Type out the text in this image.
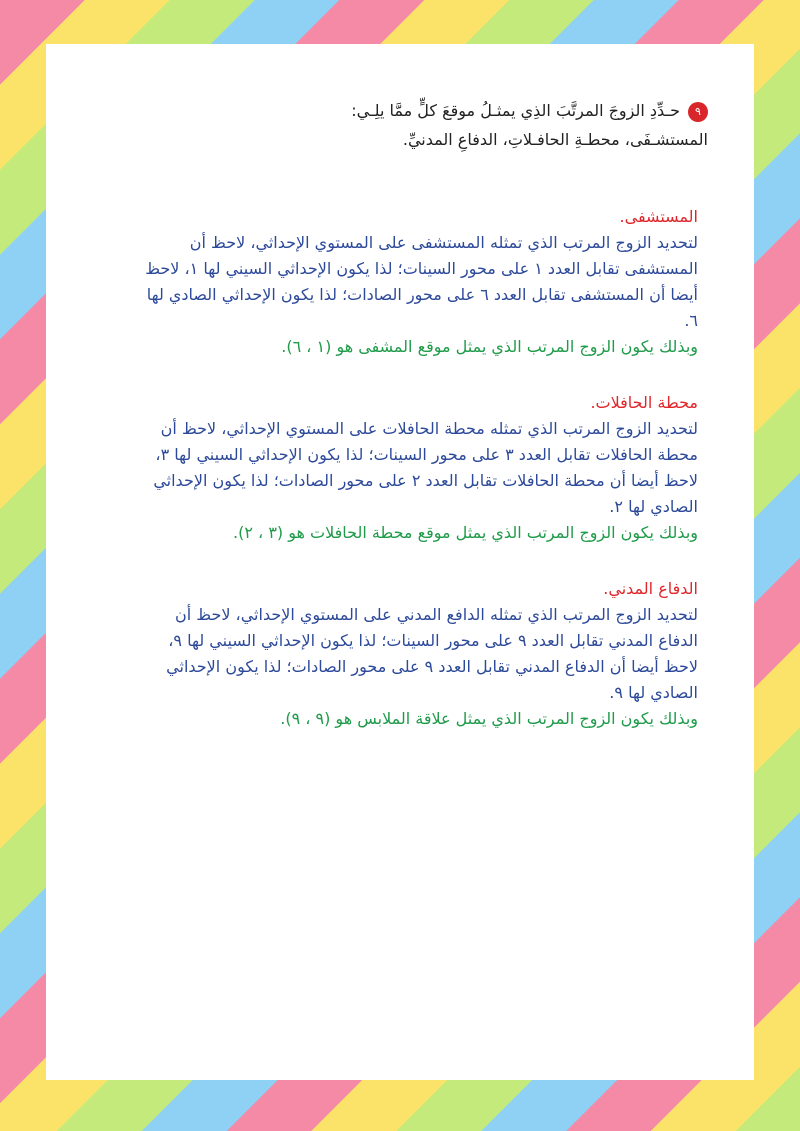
٩حـدِّدِ الزوجَ المرتَّبَ الذِي يمثـلُ موقعَ كلٍّ ممَّا يلِـي: المستشـفَى، محطـةِ الحافـلاتِ، الدفاعِ المدنيِّ.
المستشفى.
لتحديد الزوج المرتب الذي تمثله المستشفى على المستوي الإحداثي، لاحظ أن المستشفى تقابل العدد ١ على محور السينات؛ لذا يكون الإحداثي السيني لها ١، لاحظ أيضا أن المستشفى تقابل العدد ٦ على محور الصادات؛ لذا يكون الإحداثي الصادي لها ٦.
وبذلك يكون الزوج المرتب الذي يمثل موقع المشفى هو (١ ، ٦).
محطة الحافلات.
لتحديد الزوج المرتب الذي تمثله محطة الحافلات على المستوي الإحداثي، لاحظ أن محطة الحافلات تقابل العدد ٣ على محور السينات؛ لذا يكون الإحداثي السيني لها ٣، لاحظ أيضا أن محطة الحافلات تقابل العدد ٢ على محور الصادات؛ لذا يكون الإحداثي الصادي لها ٢.
وبذلك يكون الزوج المرتب الذي يمثل موقع محطة الحافلات هو (٣ ، ٢).
الدفاع المدني.
لتحديد الزوج المرتب الذي تمثله الدافع المدني على المستوي الإحداثي، لاحظ أن الدفاع المدني تقابل العدد ٩ على محور السينات؛ لذا يكون الإحداثي السيني لها ٩، لاحظ أيضا أن الدفاع المدني تقابل العدد ٩ على محور الصادات؛ لذا يكون الإحداثي الصادي لها ٩.
وبذلك يكون الزوج المرتب الذي يمثل علاقة الملابس هو (٩ ، ٩).
